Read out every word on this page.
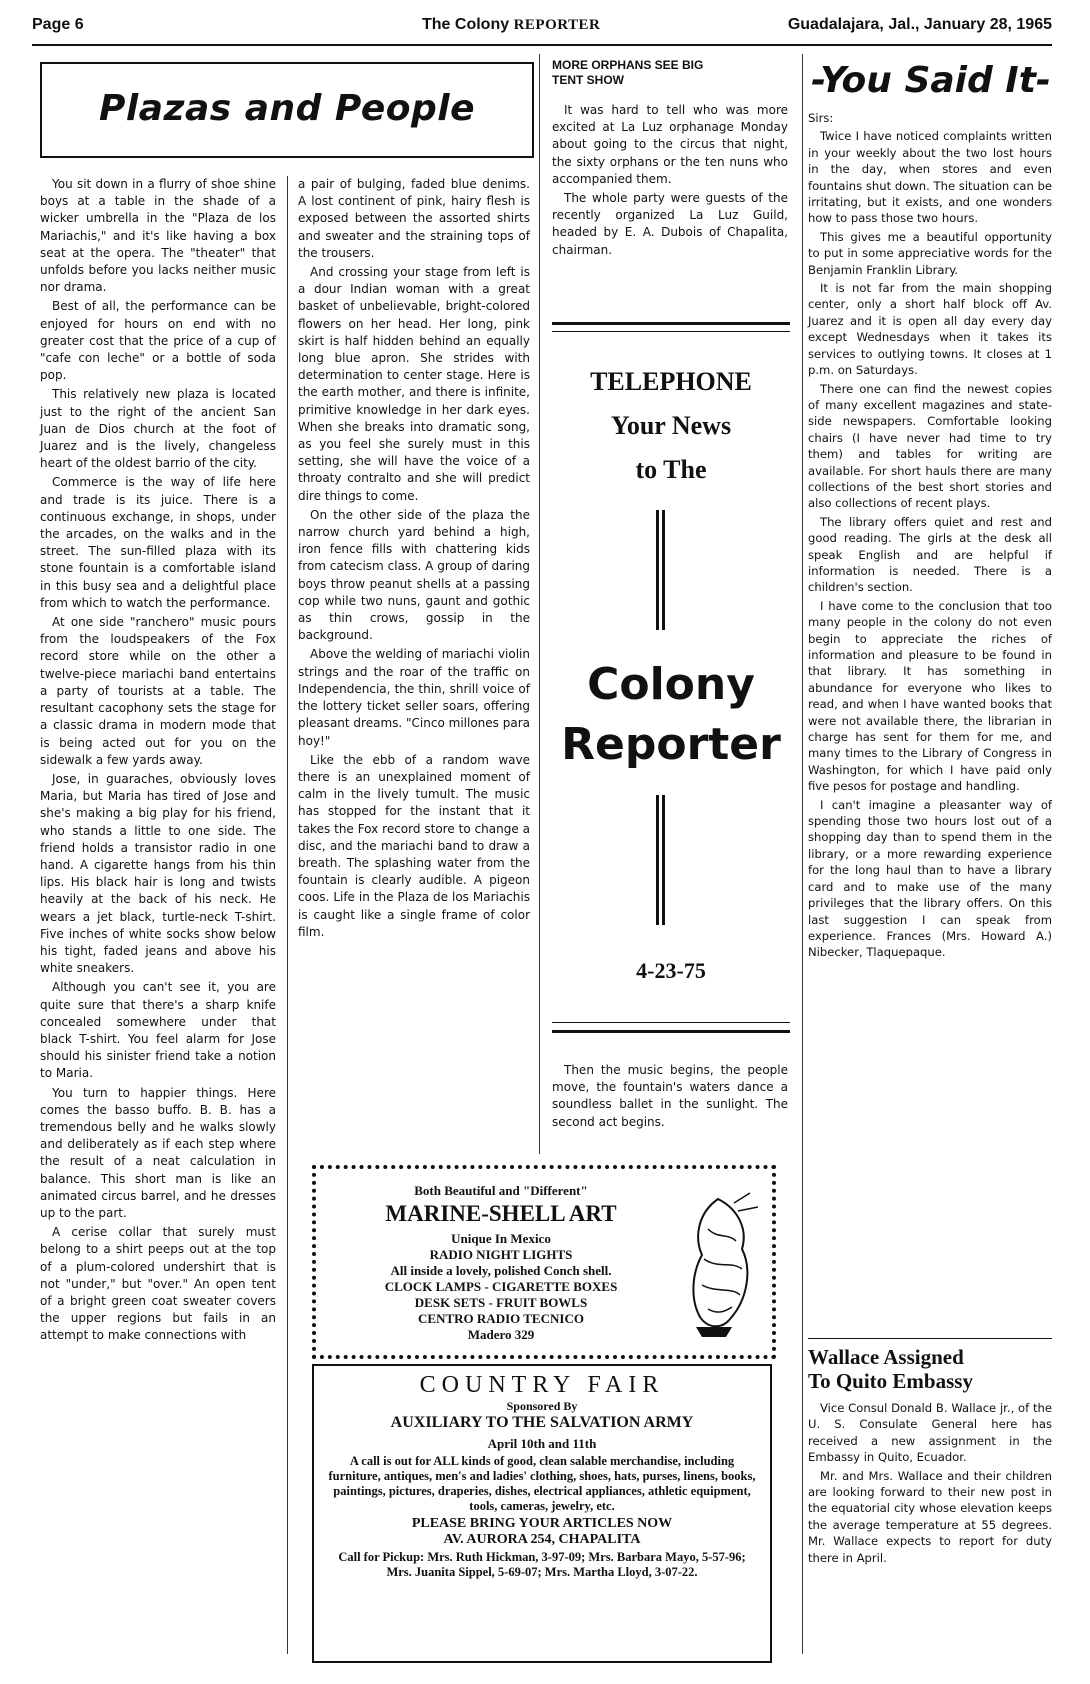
Page 6	The Colony REPORTER	Guadalajara, Jal., January 28, 1965
Plazas and People

You sit down in a flurry of shoe shine boys at a table in the shade of a wicker umbrella in the "Plaza de los Mariachis," and it's like having a box seat at the opera. The "theater" that unfolds before you lacks neither music nor drama.

Best of all, the performance can be enjoyed for hours on end with no greater cost that the price of a cup of "cafe con leche" or a bottle of soda pop.

This relatively new plaza is located just to the right of the ancient San Juan de Dios church at the foot of Juarez and is the lively, changeless heart of the oldest barrio of the city.

Commerce is the way of life here and trade is its juice. There is a continuous exchange, in shops, under the arcades, on the walks and in the street. The sun-filled plaza with its stone fountain is a comfortable island in this busy sea and a delightful place from which to watch the performance.

At one side "ranchero" music pours from the loudspeakers of the Fox record store while on the other a twelve-piece mariachi band entertains a party of tourists at a table. The resultant cacophony sets the stage for a classic drama in modern mode that is being acted out for you on the sidewalk a few yards away.

Jose, in guaraches, obviously loves Maria, but Maria has tired of Jose and she's making a big play for his friend, who stands a little to one side. The friend holds a transistor radio in one hand. A cigarette hangs from his thin lips. His black hair is long and twists heavily at the back of his neck. He wears a jet black, turtle-neck T-shirt. Five inches of white socks show below his tight, faded jeans and above his white sneakers.

Although you can't see it, you are quite sure that there's a sharp knife concealed somewhere under that black T-shirt. You feel alarm for Jose should his sinister friend take a notion to Maria.

You turn to happier things. Here comes the basso buffo. B. B. has a tremendous belly and he walks slowly and deliberately as if each step where the result of a neat calculation in balance. This short man is like an animated circus barrel, and he dresses up to the part.

A cerise collar that surely must belong to a shirt peeps out at the top of a plum-colored undershirt that is not "under," but "over." An open tent of a bright green coat sweater covers the upper regions but fails in an attempt to make connections with

a pair of bulging, faded blue denims. A lost continent of pink, hairy flesh is exposed between the assorted shirts and sweater and the straining tops of the trousers.

And crossing your stage from left is a dour Indian woman with a great basket of unbelievable, bright-colored flowers on her head. Her long, pink skirt is half hidden behind an equally long blue apron. She strides with determination to center stage. Here is the earth mother, and there is infinite, primitive knowledge in her dark eyes. When she breaks into dramatic song, as you feel she surely must in this setting, she will have the voice of a throaty contralto and she will predict dire things to come.

On the other side of the plaza the narrow church yard behind a high, iron fence fills with chattering kids from catecism class. A group of daring boys throw peanut shells at a passing cop while two nuns, gaunt and gothic as thin crows, gossip in the background.

Above the welding of mariachi violin strings and the roar of the traffic on Independencia, the thin, shrill voice of the lottery ticket seller soars, offering pleasant dreams. "Cinco millones para hoy!"

Like the ebb of a random wave there is an unexplained moment of calm in the lively tumult. The music has stopped for the instant that it takes the Fox record store to change a disc, and the mariachi band to draw a breath. The splashing water from the fountain is clearly audible. A pigeon coos. Life in the Plaza de los Mariachis is caught like a single frame of color film.

MORE ORPHANS SEE BIG TENT SHOW

It was hard to tell who was more excited at La Luz orphanage Monday about going to the circus that night, the sixty orphans or the ten nuns who accompanied them.

The whole party were guests of the recently organized La Luz Guild, headed by E. A. Dubois of Chapalita, chairman.

TELEPHONE
Your News
to The
Colony
Reporter
4-23-75

Then the music begins, the people move, the fountain's waters dance a soundless ballet in the sunlight. The second act begins.

Both Beautiful and "Different"
MARINE-SHELL ART
Unique In Mexico
RADIO NIGHT LIGHTS
All inside a lovely, polished Conch shell.
CLOCK LAMPS - CIGARETTE BOXES
DESK SETS - FRUIT BOWLS
CENTRO RADIO TECNICO
Madero 329
COUNTRY FAIR
Sponsored By
AUXILIARY TO THE SALVATION ARMY
April 10th and 11th
A call is out for ALL kinds of good, clean salable merchandise, including furniture, antiques, men's and ladies' clothing, shoes, hats, purses, linens, books, paintings, pictures, draperies, dishes, electrical appliances, athletic equipment, tools, cameras, jewelry, etc.
PLEASE BRING YOUR ARTICLES NOW
AV. AURORA 254, CHAPALITA
Call for Pickup: Mrs. Ruth Hickman, 3-97-09; Mrs. Barbara Mayo, 5-57-96; Mrs. Juanita Sippel, 5-69-07; Mrs. Martha Lloyd, 3-07-22.
-You Said It-

Sirs:

Twice I have noticed complaints written in your weekly about the two lost hours in the day, when stores and even fountains shut down. The situation can be irritating, but it exists, and one wonders how to pass those two hours.

This gives me a beautiful opportunity to put in some appreciative words for the Benjamin Franklin Library.

It is not far from the main shopping center, only a short half block off Av. Juarez and it is open all day every day except Wednesdays when it takes its services to outlying towns. It closes at 1 p.m. on Saturdays.

There one can find the newest copies of many excellent magazines and state-side newspapers. Comfortable looking chairs (I have never had time to try them) and tables for writing are available. For short hauls there are many collections of the best short stories and also collections of recent plays.

The library offers quiet and rest and good reading. The girls at the desk all speak English and are helpful if information is needed. There is a children's section.

I have come to the conclusion that too many people in the colony do not even begin to appreciate the riches of information and pleasure to be found in that library. It has something in abundance for everyone who likes to read, and when I have wanted books that were not available there, the librarian in charge has sent for them for me, and many times to the Library of Congress in Washington, for which I have paid only five pesos for postage and handling.

I can't imagine a pleasanter way of spending those two hours lost out of a shopping day than to spend them in the library, or a more rewarding experience for the long haul than to have a library card and to make use of the many privileges that the library offers. On this last suggestion I can speak from experience. Frances (Mrs. Howard A.) Nibecker, Tlaquepaque.

Wallace Assigned
To Quito Embassy

Vice Consul Donald B. Wallace jr., of the U. S. Consulate General here has received a new assignment in the Embassy in Quito, Ecuador.

Mr. and Mrs. Wallace and their children are looking forward to their new post in the equatorial city whose elevation keeps the average temperature at 55 degrees. Mr. Wallace expects to report for duty there in April.
